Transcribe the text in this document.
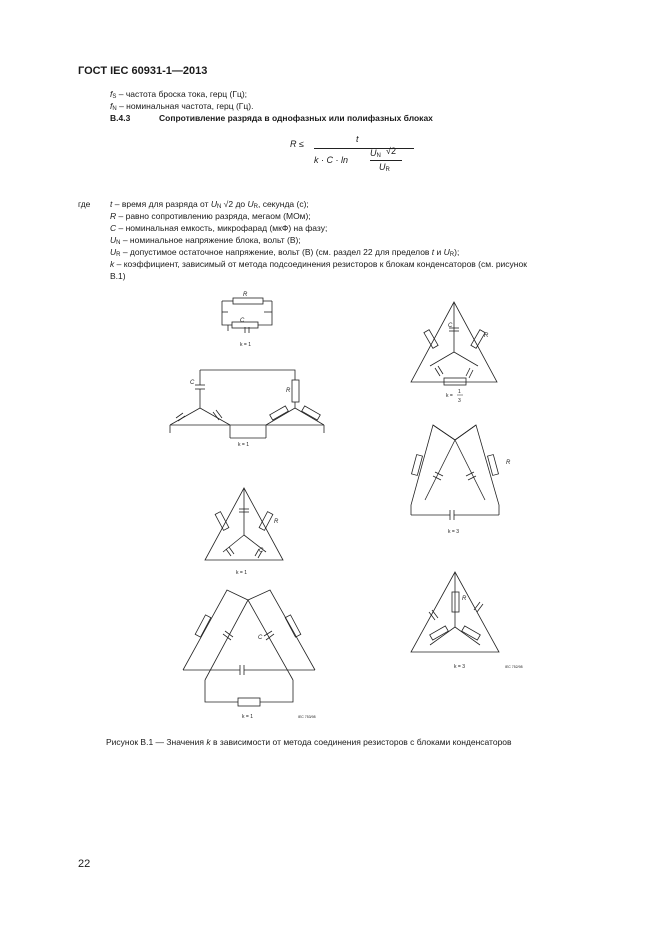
ГОСТ IEC 60931-1—2013
fS – частота броска тока, герц (Гц);
fN – номинальная частота, герц (Гц).
В.4.3	Сопротивление разряда в однофазных или полифазных блоках
R ≤	t
k · C · ln
UN √2
UR
где t – время для разряда от UN √2 до UR, секунда (с);
R – равно сопротивлению разряда, мегаом (МОм);
C – номинальная емкость, микрофарад (мкФ) на фазу;
UN – номинальное напряжение блока, вольт (В);
UR – допустимое остаточное напряжение, вольт (В) (см. раздел 22 для пределов t и UR);
k – коэффициент, зависимый от метода подсоединения резисторов к блокам конденсаторов (см. рисунок
В.1)
R
C
k = 1
C
R
k = 1
C
R
k =
1
3
R
k = 3
R
C
k = 1
C
k = 1	IEC 753/98
R
k = 3	IEC 752/98
Рисунок В.1 — Значения k в зависимости от метода соединения резисторов с блоками конденсаторов
22
